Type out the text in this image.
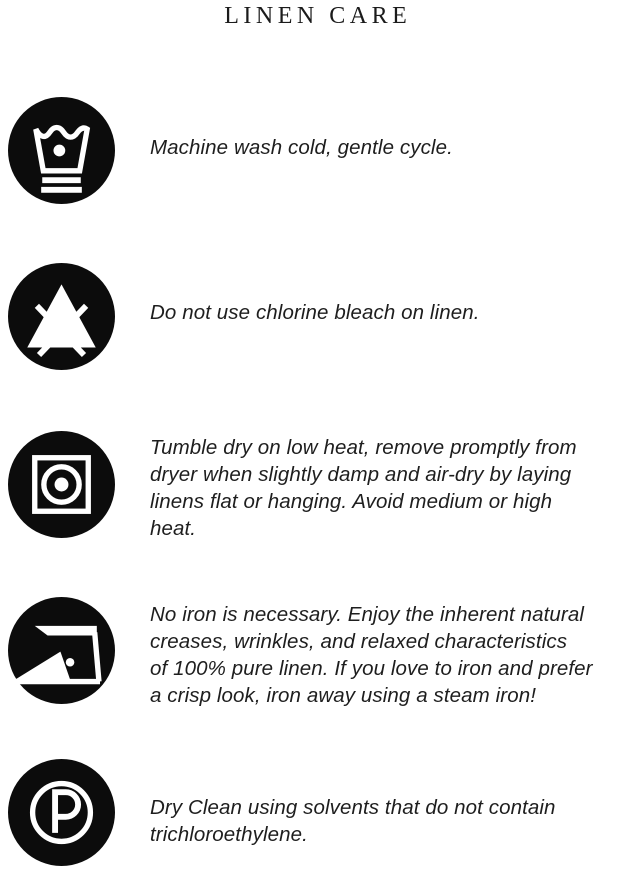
LINEN CARE
Machine wash cold, gentle cycle.
Do not use chlorine bleach on linen.
Tumble dry on low heat, remove promptly from
dryer when slightly damp and air-dry by laying
linens flat or hanging. Avoid medium or high
heat.
No iron is necessary. Enjoy the inherent natural
creases, wrinkles, and relaxed characteristics
of 100% pure linen. If you love to iron and prefer
a crisp look, iron away using a steam iron!
Dry Clean using solvents that do not contain
trichloroethylene.
